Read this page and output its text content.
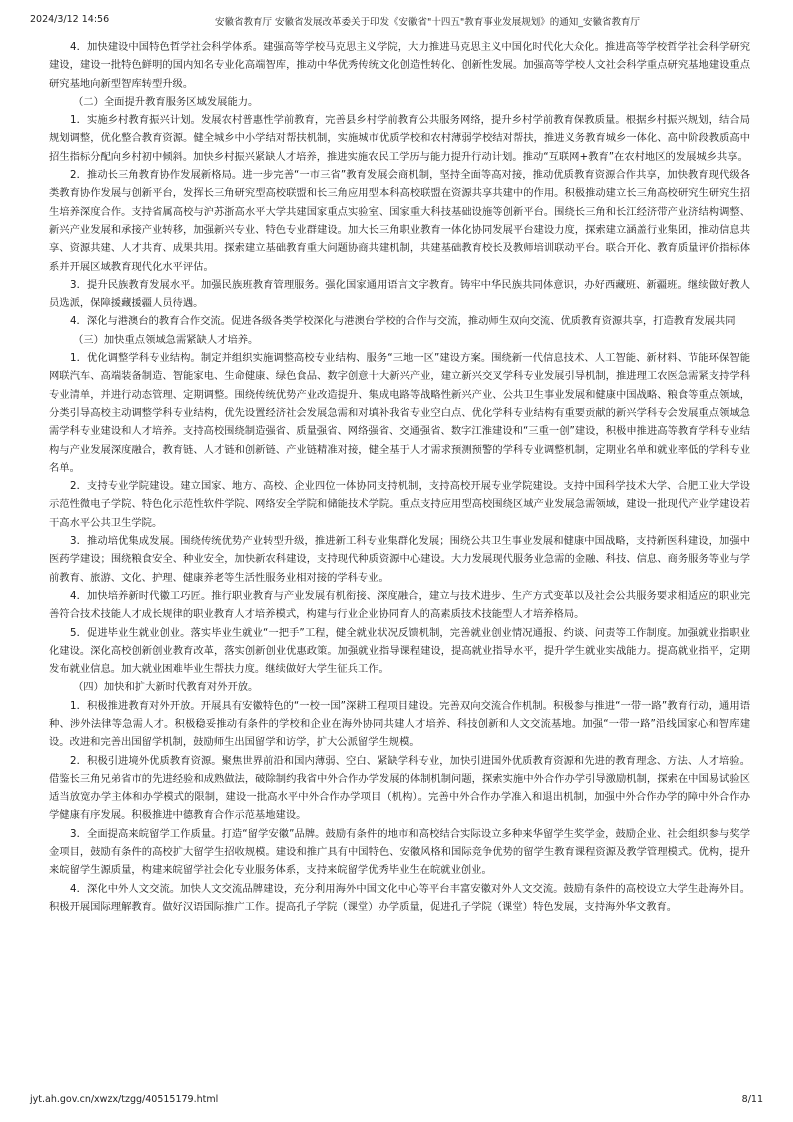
2024/3/12 14:56	安徽省教育厅 安徽省发展改革委关于印发《安徽省"十四五"教育事业发展规划》的通知_安徽省教育厅

4．加快建设中国特色哲学社会科学体系。建强高等学校马克思主义学院，大力推进马克思主义中国化时代化大众化。推进高等学校哲学社会科学研究建设，建设一批特色鲜明的国内知名专业化高端智库，推动中华优秀传统文化创造性转化、创新性发展。加强高等学校人文社会科学重点研究基地建设重点研究基地向新型智库转型升级。

（二）全面提升教育服务区域发展能力。

1．实施乡村教育振兴计划。发展农村普惠性学前教育，完善县乡村学前教育公共服务网络，提升乡村学前教育保教质量。根据乡村振兴规划，结合局规划调整，优化整合教育资源。健全城乡中小学结对帮扶机制，实施城市优质学校和农村薄弱学校结对帮扶，推进义务教育城乡一体化、高中阶段教质高中招生指标分配向乡村初中倾斜。加快乡村振兴紧缺人才培养，推进实施农民工学历与能力提升行动计划。推动“互联网+教育”在农村地区的发展城乡共享。

2．推动长三角教育协作发展新格局。进一步完善“一市三省”教育发展会商机制，坚持全面等高对接，推动优质教育资源合作共享，加快教育现代级各类教育协作发展与创新平台，发挥长三角研究型高校联盟和长三角应用型本科高校联盟在资源共享共建中的作用。积极推动建立长三角高校研究生研究生招生培养深度合作。支持省属高校与沪苏浙高水平大学共建国家重点实验室、国家重大科技基础设施等创新平台。围绕长三角和长江经济带产业济结构调整、新兴产业发展和承接产业转移，加强新兴专业、特色专业群建设。加大长三角职业教育一体化协同发展平台建设力度，探索建立涵盖行业集团，推动信息共享、资源共建、人才共育、成果共用。探索建立基础教育重大问题协商共建机制，共建基础教育校长及教师培训联动平台。联合开化、教育质量评价指标体系并开展区域教育现代化水平评估。

3．提升民族教育发展水平。加强民族班教育管理服务。强化国家通用语言文字教育。铸牢中华民族共同体意识，办好西藏班、新疆班。继续做好教人员选派，保障援藏援疆人员待遇。

4．深化与港澳台的教育合作交流。促进各级各类学校深化与港澳台学校的合作与交流，推动师生双向交流、优质教育资源共享，打造教育发展共同

（三）加快重点领域急需紧缺人才培养。

1．优化调整学科专业结构。制定并组织实施调整高校专业结构、服务“三地一区”建设方案。围绕新一代信息技术、人工智能、新材料、节能环保智能网联汽车、高端装备制造、智能家电、生命健康、绿色食品、数字创意十大新兴产业，建立新兴交叉学科专业发展引导机制，推进理工农医急需紧支持学科专业清单，并进行动态管理、定期调整。围绕传统优势产业改造提升、集成电路等战略性新兴产业、公共卫生事业发展和健康中国战略、粮食等重点领域，分类引导高校主动调整学科专业结构，优先设置经济社会发展急需和对填补我省专业空白点、优化学科专业结构有重要贡献的新兴学科专会发展重点领域急需学科专业建设和人才培养。支持高校围绕制造强省、质量强省、网络强省、交通强省、数字江淮建设和“三重一创”建设，积极申推进高等教育学科专业结构与产业发展深度融合，教育链、人才链和创新链、产业链精准对接，健全基于人才需求预测预警的学科专业调整机制，定期业名单和就业率低的学科专业名单。

2．支持专业学院建设。建立国家、地方、高校、企业四位一体协同支持机制，支持高校开展专业学院建设。支持中国科学技术大学、合肥工业大学设示范性微电子学院、特色化示范性软件学院、网络安全学院和储能技术学院。重点支持应用型高校围绕区域产业发展急需领域，建设一批现代产业学建设若干高水平公共卫生学院。

3．推动培优集成发展。围绕传统优势产业转型升级，推进新工科专业集群化发展；围绕公共卫生事业发展和健康中国战略，支持新医科建设，加强中医药学建设；围绕粮食安全、种业安全，加快新农科建设，支持现代种质资源中心建设。大力发展现代服务业急需的金融、科技、信息、商务服务等业与学前教育、旅游、文化、护理、健康养老等生活性服务业相对接的学科专业。

4．加快培养新时代徽工巧匠。推行职业教育与产业发展有机衔接、深度融合，建立与技术进步、生产方式变革以及社会公共服务要求相适应的职业完善符合技术技能人才成长规律的职业教育人才培养模式，构建与行业企业协同育人的高素质技术技能型人才培养格局。

5．促进毕业生就业创业。落实毕业生就业“一把手”工程，健全就业状况反馈机制，完善就业创业情况通报、约谈、问责等工作制度。加强就业指职业化建设。深化高校创新创业教育改革，落实创新创业优惠政策。加强就业指导课程建设，提高就业指导水平，提升学生就业实战能力。提高就业指平，定期发布就业信息。加大就业困难毕业生帮扶力度。继续做好大学生征兵工作。

（四）加快和扩大新时代教育对外开放。

1．积极推进教育对外开放。开展具有安徽特色的“一校一国”深耕工程项目建设。完善双向交流合作机制。积极参与推进“一带一路”教育行动，通用语种、涉外法律等急需人才。积极稳妥推动有条件的学校和企业在海外协同共建人才培养、科技创新和人文交流基地。加强“一带一路”沿线国家心和智库建设。改进和完善出国留学机制，鼓励师生出国留学和访学，扩大公派留学生规模。

2．积极引进境外优质教育资源。聚焦世界前沿和国内薄弱、空白、紧缺学科专业，加快引进国外优质教育资源和先进的教育理念、方法、人才培验。借鉴长三角兄弟省市的先进经验和成熟做法，破除制约我省中外合作办学发展的体制机制问题，探索实施中外合作办学引导激励机制，探索在中国易试验区适当放宽办学主体和办学模式的限制，建设一批高水平中外合作办学项目（机构）。完善中外合作办学准入和退出机制，加强中外合作办学的障中外合作办学健康有序发展。积极推进中德教育合作示范基地建设。

3．全面提高来皖留学工作质量。打造“留学安徽”品牌。鼓励有条件的地市和高校结合实际设立多种来华留学生奖学金，鼓励企业、社会组织参与奖学金项目，鼓励有条件的高校扩大留学生招收规模。建设和推广具有中国特色、安徽风格和国际竞争优势的留学生教育课程资源及教学管理模式。优构，提升来皖留学生源质量，构建来皖留学社会化专业服务体系，支持来皖留学优秀毕业生在皖就业创业。

4．深化中外人文交流。加快人文交流品牌建设，充分利用海外中国文化中心等平台丰富安徽对外人文交流。鼓励有条件的高校设立大学生赴海外目。积极开展国际理解教育。做好汉语国际推广工作。提高孔子学院（课堂）办学质量，促进孔子学院（课堂）特色发展，支持海外华文教育。

jyt.ah.gov.cn/xwzx/tzgg/40515179.html	8/11
